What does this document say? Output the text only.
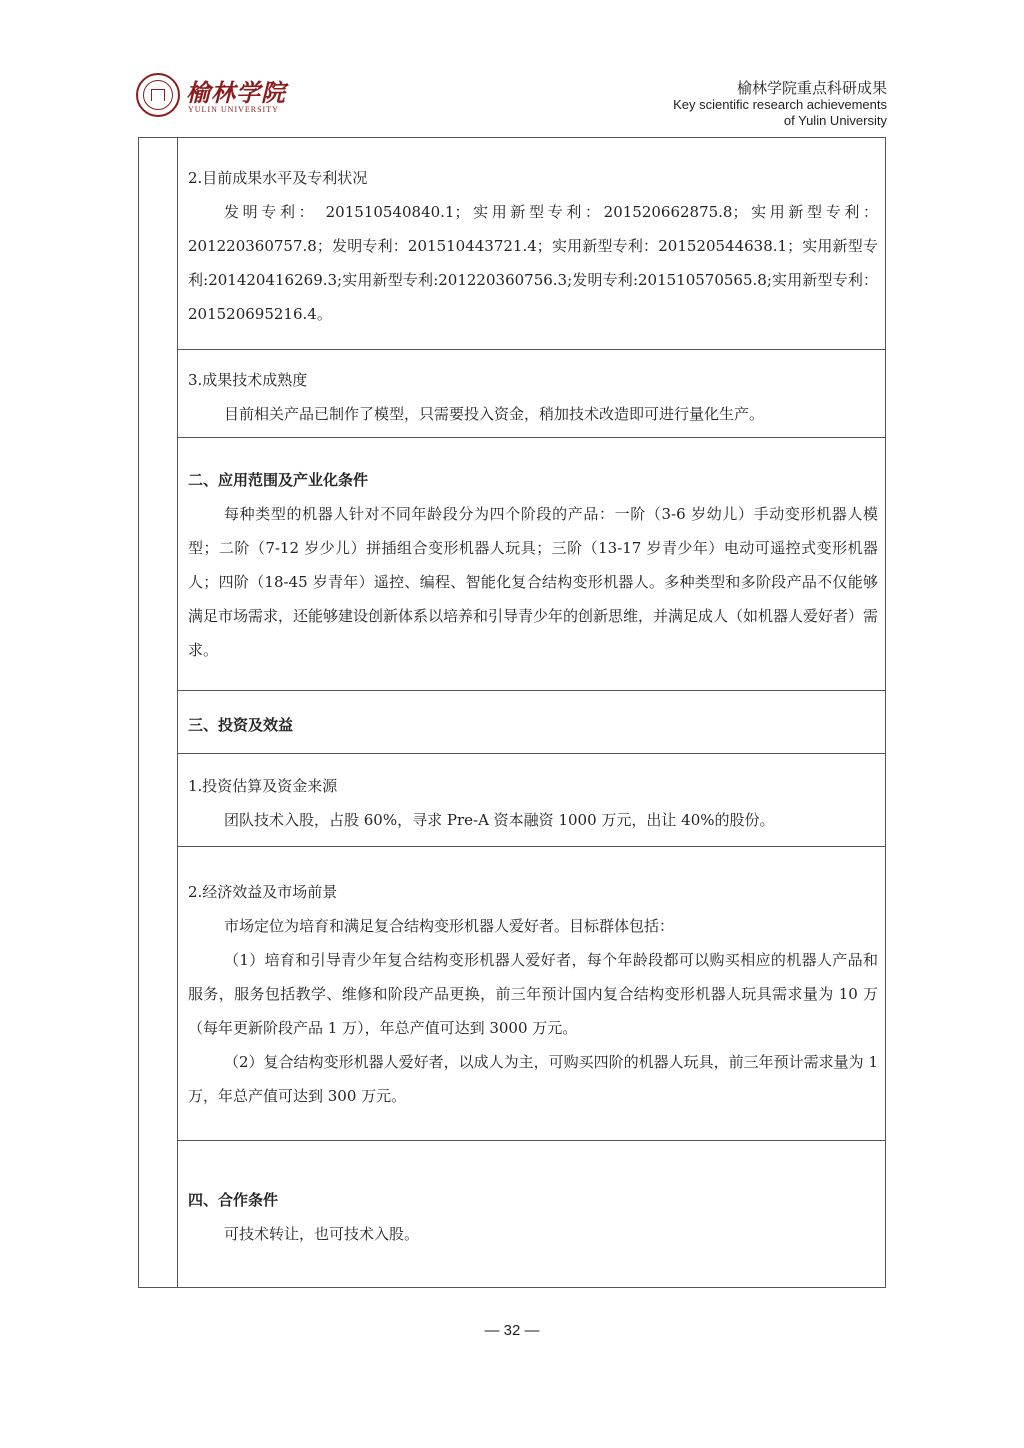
榆林学院
YULIN UNIVERSITY
榆林学院重点科研成果
Key scientific research achievements
of Yulin University

2.目前成果水平及专利状况

发明专利： 201510540840.1；实用新型专利：201520662875.8；实用新型专利：201220360757.8；发明专利：201510443721.4；实用新型专利：201520544638.1；实用新型专利:201420416269.3;实用新型专利:201220360756.3;发明专利:201510570565.8;实用新型专利：201520695216.4。

3.成果技术成熟度

目前相关产品已制作了模型，只需要投入资金，稍加技术改造即可进行量化生产。

二、应用范围及产业化条件

每种类型的机器人针对不同年龄段分为四个阶段的产品：一阶（3-6 岁幼儿）手动变形机器人模型；二阶（7-12 岁少儿）拼插组合变形机器人玩具；三阶（13-17 岁青少年）电动可遥控式变形机器人；四阶（18-45 岁青年）遥控、编程、智能化复合结构变形机器人。多种类型和多阶段产品不仅能够满足市场需求，还能够建设创新体系以培养和引导青少年的创新思维，并满足成人（如机器人爱好者）需求。

三、投资及效益

1.投资估算及资金来源

团队技术入股，占股 60%，寻求 Pre-A 资本融资 1000 万元，出让 40%的股份。

2.经济效益及市场前景

市场定位为培育和满足复合结构变形机器人爱好者。目标群体包括：

（1）培育和引导青少年复合结构变形机器人爱好者，每个年龄段都可以购买相应的机器人产品和服务，服务包括教学、维修和阶段产品更换，前三年预计国内复合结构变形机器人玩具需求量为 10 万（每年更新阶段产品 1 万），年总产值可达到 3000 万元。

（2）复合结构变形机器人爱好者，以成人为主，可购买四阶的机器人玩具，前三年预计需求量为 1 万，年总产值可达到 300 万元。

四、合作条件

可技术转让，也可技术入股。

— 32 —
